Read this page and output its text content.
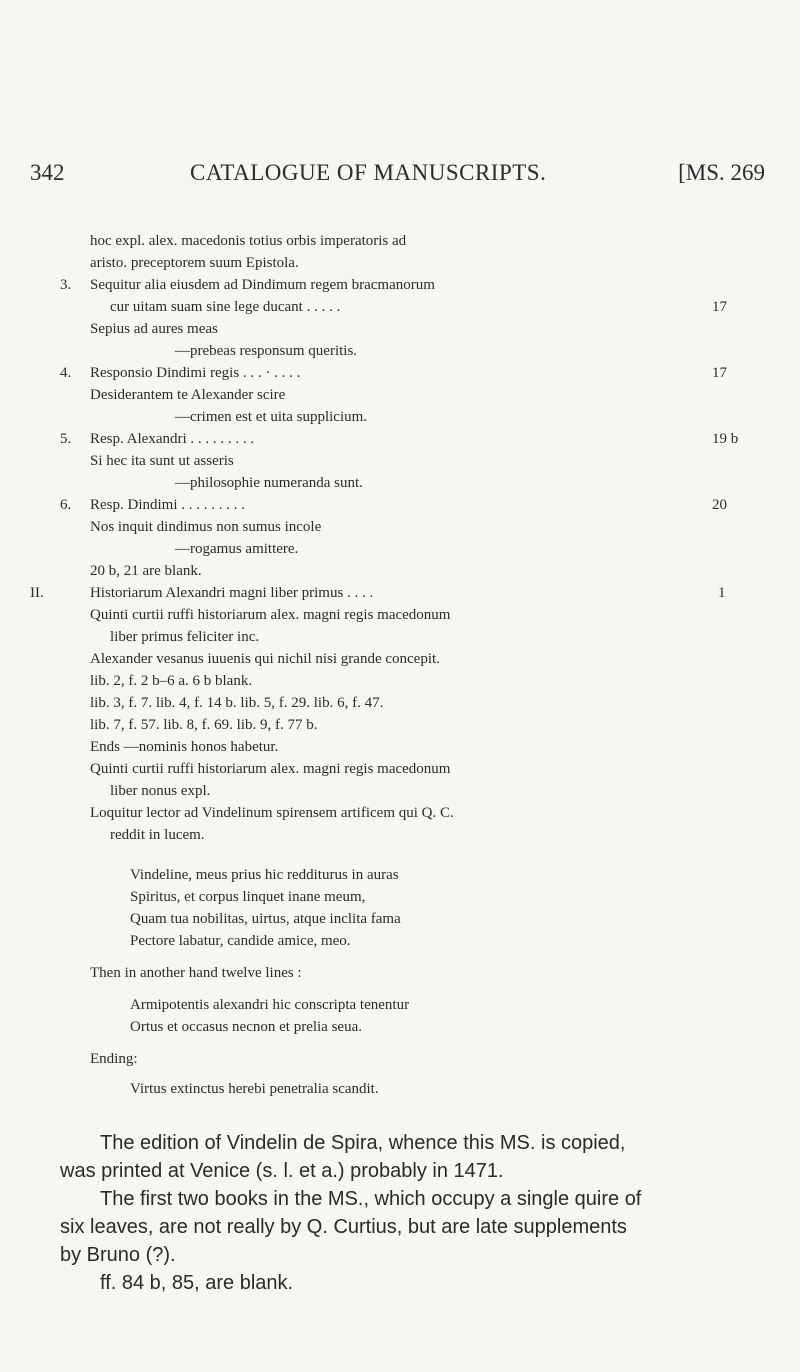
342	CATALOGUE OF MANUSCRIPTS.	[MS. 269
hoc expl. alex. macedonis totius orbis imperatoris ad
aristo. preceptorem suum Epistola.
3. Sequitur alia eiusdem ad Dindimum regem bracmanorum
cur uitam suam sine lege ducant . . . . .	17
Sepius ad aures meas
—prebeas responsum queritis.
4. Responsio Dindimi regis . . . · . . . .	17
Desiderantem te Alexander scire
—crimen est et uita supplicium.
5. Resp. Alexandri . . . . . . . . .	19 b
Si hec ita sunt ut asseris
—philosophie numeranda sunt.
6. Resp. Dindimi . . . . . . . . .	20
Nos inquit dindimus non sumus incole
—rogamus amittere.
20 b, 21 are blank.
II.	Historiarum Alexandri magni liber primus . . . .	1
Quinti curtii ruffi historiarum alex. magni regis macedonum
liber primus feliciter inc.
Alexander vesanus iuuenis qui nichil nisi grande concepit.
lib. 2, f. 2 b–6 a. 6 b blank.
lib. 3, f. 7. lib. 4, f. 14 b. lib. 5, f. 29. lib. 6, f. 47.
lib. 7, f. 57. lib. 8, f. 69. lib. 9, f. 77 b.
Ends —nominis honos habetur.
Quinti curtii ruffi historiarum alex. magni regis macedonum
liber nonus expl.
Loquitur lector ad Vindelinum spirensem artificem qui Q. C.
reddit in lucem.
Vindeline, meus prius hic redditurus in auras
Spiritus, et corpus linquet inane meum,
Quam tua nobilitas, uirtus, atque inclita fama
Pectore labatur, candide amice, meo.
Then in another hand twelve lines :
Armipotentis alexandri hic conscripta tenentur
Ortus et occasus necnon et prelia seua.
Ending:
Virtus extinctus herebi penetralia scandit.
The edition of Vindelin de Spira, whence this MS. is copied,
was printed at Venice (s. l. et a.) probably in 1471.
The first two books in the MS., which occupy a single quire of
six leaves, are not really by Q. Curtius, but are late supplements
by Bruno (?).
ff. 84 b, 85, are blank.
